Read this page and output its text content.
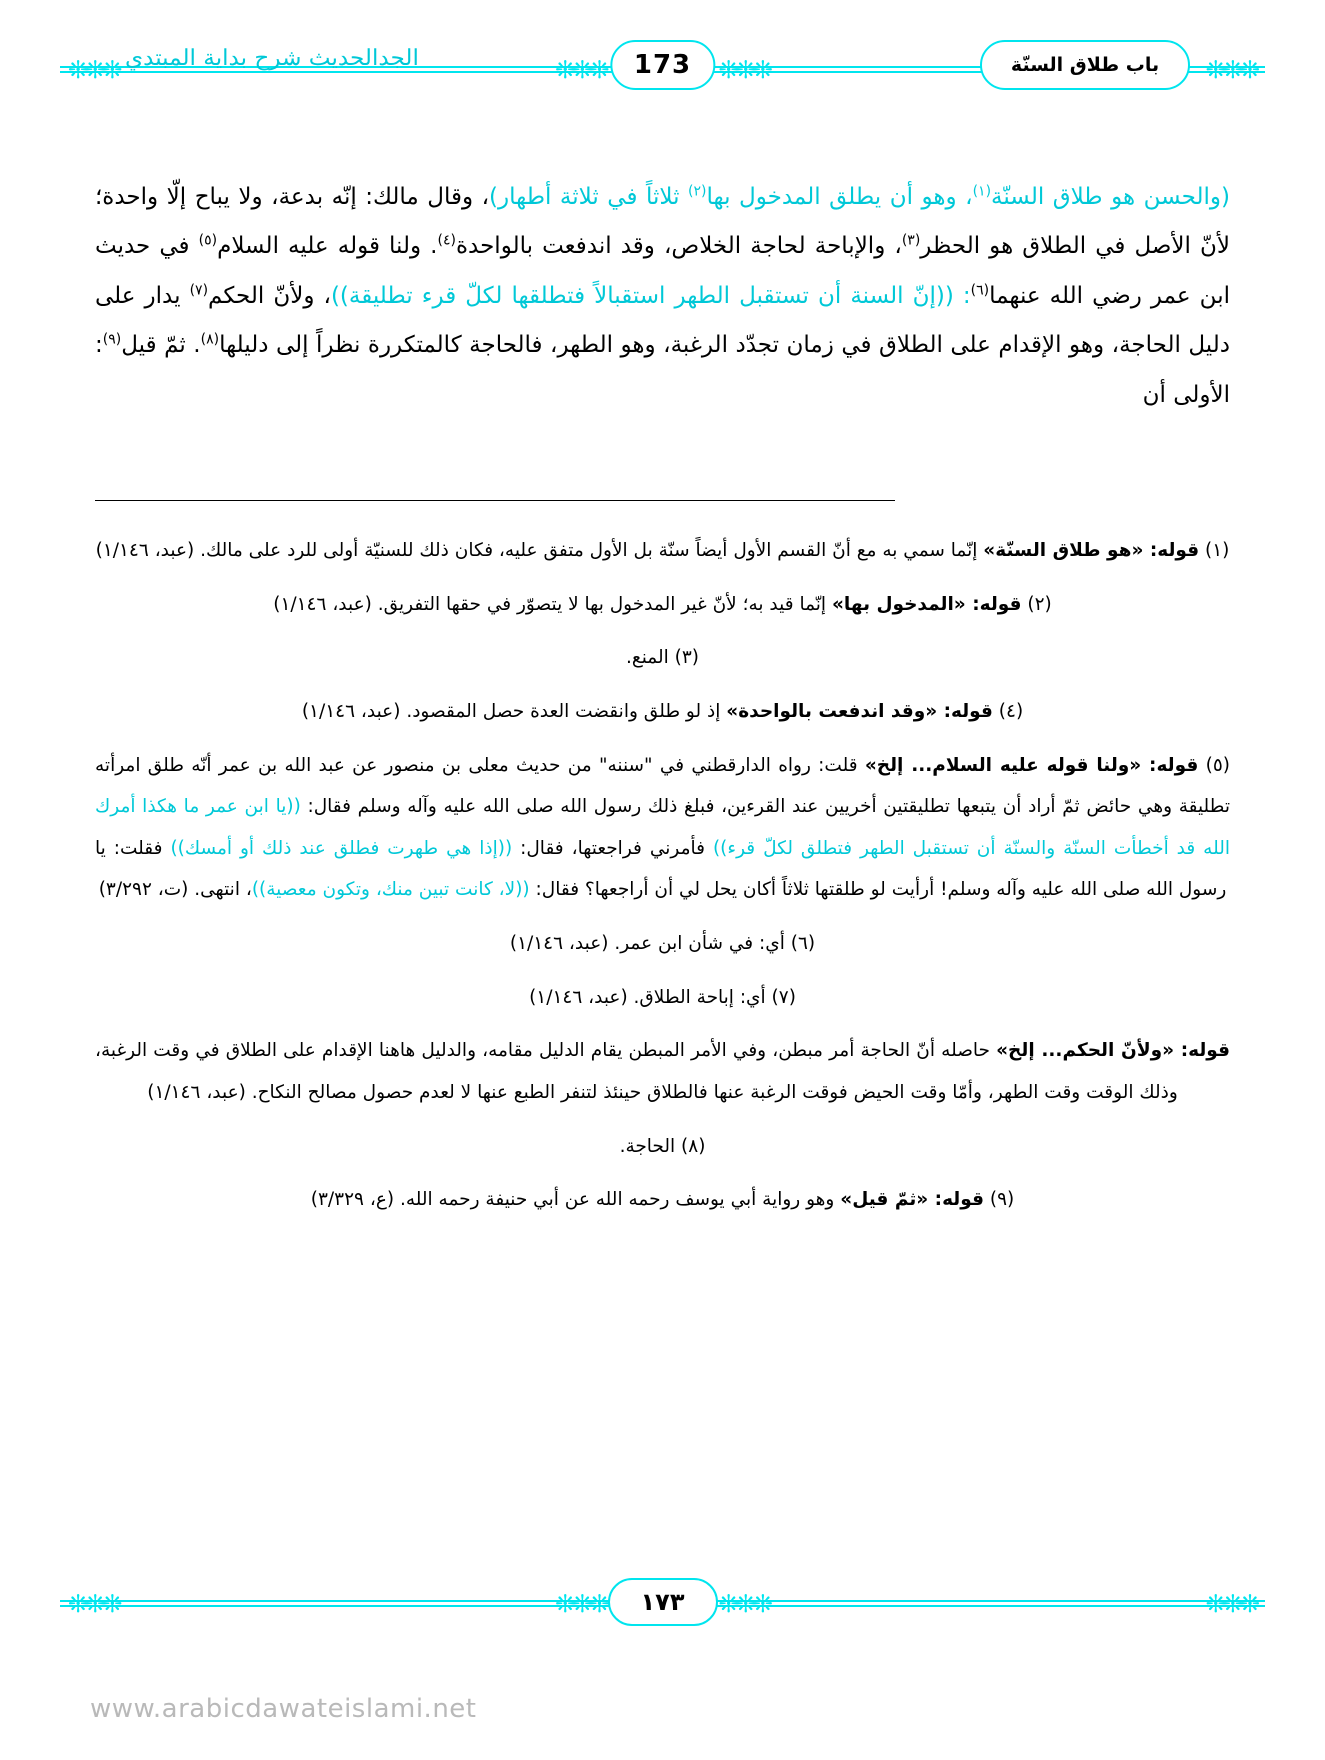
❊❊❊
❊❊❊	❊❊❊	❊❊❊	باب طلاق السنّة
173
الجدالحديث شرح بداية المبتدي

(والحسن هو طلاق السنّة$^{(١)}$، وهو أن يطلق المدخول بها$^{(٢)}$ ثلاثاً في ثلاثة أطهار)، وقال مالك: إنّه بدعة، ولا يباح إلّا واحدة؛ لأنّ الأصل في الطلاق هو الحظر$^{(٣)}$، والإباحة لحاجة الخلاص، وقد اندفعت بالواحدة$^{(٤)}$. ولنا قوله عليه السلام$^{(٥)}$ في حديث ابن عمر رضي الله عنهما$^{(٦)}$: ((إنّ السنة أن تستقبل الطهر استقبالاً فتطلقها لكلّ قرء تطليقة))، ولأنّ الحكم$^{(٧)}$ يدار على دليل الحاجة، وهو الإقدام على الطلاق في زمان تجدّد الرغبة، وهو الطهر، فالحاجة كالمتكررة نظراً إلى دليلها$^{(٨)}$. ثمّ قيل$^{(٩)}$: الأولى أن

(١) قوله: «هو طلاق السنّة» إنّما سمي به مع أنّ القسم الأول أيضاً سنّة بل الأول متفق عليه، فكان ذلك للسنيّة أولى للرد على مالك. (عبد، ١/١٤٦)
(٢) قوله: «المدخول بها» إنّما قيد به؛ لأنّ غير المدخول بها لا يتصوّر في حقها التفريق. (عبد، ١/١٤٦)
(٣) المنع.
(٤) قوله: «وقد اندفعت بالواحدة» إذ لو طلق وانقضت العدة حصل المقصود. (عبد، ١/١٤٦)
(٥) قوله: «ولنا قوله عليه السلام... إلخ» قلت: رواه الدارقطني في "سننه" من حديث معلى بن منصور عن عبد الله بن عمر أنّه طلق امرأته تطليقة وهي حائض ثمّ أراد أن يتبعها تطليقتين أخريين عند القرءين، فبلغ ذلك رسول الله صلى الله عليه وآله وسلم فقال: ((يا ابن عمر ما هكذا أمرك الله قد أخطأت السنّة والسنّة أن تستقبل الطهر فتطلق لكلّ قرء)) فأمرني فراجعتها، فقال: ((إذا هي طهرت فطلق عند ذلك أو أمسك)) فقلت: يا رسول الله صلى الله عليه وآله وسلم! أرأيت لو طلقتها ثلاثاً أكان يحل لي أن أراجعها؟ فقال: ((لا، كانت تبين منك، وتكون معصية))، انتهى. (ت، ٣/٢٩٢)
(٦) أي: في شأن ابن عمر. (عبد، ١/١٤٦)
(٧) أي: إباحة الطلاق. (عبد، ١/١٤٦)
قوله: «ولأنّ الحكم... إلخ» حاصله أنّ الحاجة أمر مبطن، وفي الأمر المبطن يقام الدليل مقامه، والدليل هاهنا الإقدام على الطلاق في وقت الرغبة، وذلك الوقت وقت الطهر، وأمّا وقت الحيض فوقت الرغبة عنها فالطلاق حينئذ لتنفر الطبع عنها لا لعدم حصول مصالح النكاح. (عبد، ١/١٤٦)
(٨) الحاجة.
(٩) قوله: «ثمّ قيل» وهو رواية أبي يوسف رحمه الله عن أبي حنيفة رحمه الله. (ع، ٣/٣٢٩)
❊❊❊
❊❊❊	❊❊❊	❊❊❊
١٧٣
www.arabicdawateislami.net
